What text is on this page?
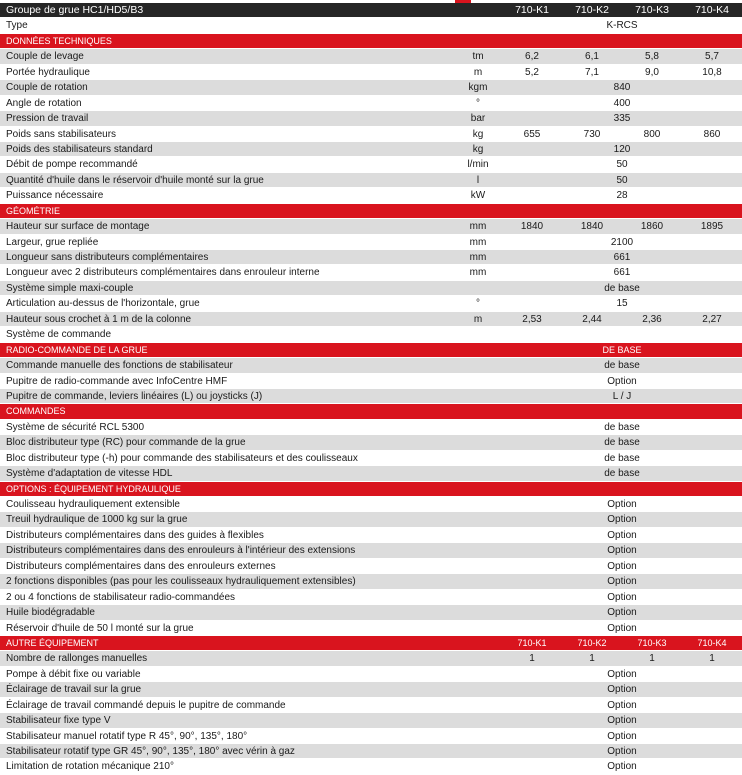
Groupe de grue HC1/HD5/B3	710-K1	710-K2	710-K3	710-K4
Type	K-RCS
DONNÉES TECHNIQUES
Couple de levage	tm	6,2	6,1	5,8	5,7
Portée hydraulique	m	5,2	7,1	9,0	10,8
Couple de rotation	kgm	840
Angle de rotation	°	400
Pression de travail	bar	335
Poids sans stabilisateurs	kg	655	730	800	860
Poids des stabilisateurs standard	kg	120
Débit de pompe recommandé	l/min	50
Quantité d'huile dans le réservoir d'huile monté sur la grue	l	50
Puissance nécessaire	kW	28
GÉOMÉTRIE
Hauteur sur surface de montage	mm	1840	1840	1860	1895
Largeur, grue repliée	mm	2100
Longueur sans distributeurs complémentaires	mm	661
Longueur avec 2 distributeurs complémentaires dans enrouleur interne	mm	661
Système simple maxi-couple	de base
Articulation au-dessus de l'horizontale, grue	°	15
Hauteur sous crochet à 1 m de la colonne	m	2,53	2,44	2,36	2,27
Système de commande
RADIO-COMMANDE DE LA GRUE	DE BASE
Commande manuelle des fonctions de stabilisateur	de base
Pupitre de radio-commande avec InfoCentre HMF	Option
Pupitre de commande, leviers linéaires (L) ou joysticks (J)	L / J
COMMANDES
Système de sécurité RCL 5300	de base
Bloc distributeur type (RC) pour commande de la grue	de base
Bloc distributeur type (-h) pour commande des stabilisateurs et des coulisseaux	de base
Système d'adaptation de vitesse HDL	de base
OPTIONS : ÉQUIPEMENT HYDRAULIQUE
Coulisseau hydrauliquement extensible	Option
Treuil hydraulique de 1000 kg sur la grue	Option
Distributeurs complémentaires dans des guides à flexibles	Option
Distributeurs complémentaires dans des enrouleurs à l'intérieur des extensions	Option
Distributeurs complémentaires dans des enrouleurs externes	Option
2 fonctions disponibles (pas pour les coulisseaux hydrauliquement extensibles)	Option
2 ou 4 fonctions de stabilisateur radio-commandées	Option
Huile biodégradable	Option
Réservoir d'huile de 50 l monté sur la grue	Option
AUTRE ÉQUIPEMENT	710-K1	710-K2	710-K3	710-K4
Nombre de rallonges manuelles	1	1	1	1
Pompe à débit fixe ou variable	Option
Éclairage de travail sur la grue	Option
Éclairage de travail commandé depuis le pupitre de commande	Option
Stabilisateur fixe type V	Option
Stabilisateur manuel rotatif type R 45°, 90°, 135°, 180°	Option
Stabilisateur rotatif type GR 45°, 90°, 135°, 180° avec vérin à gaz	Option
Limitation de rotation mécanique 210°	Option
